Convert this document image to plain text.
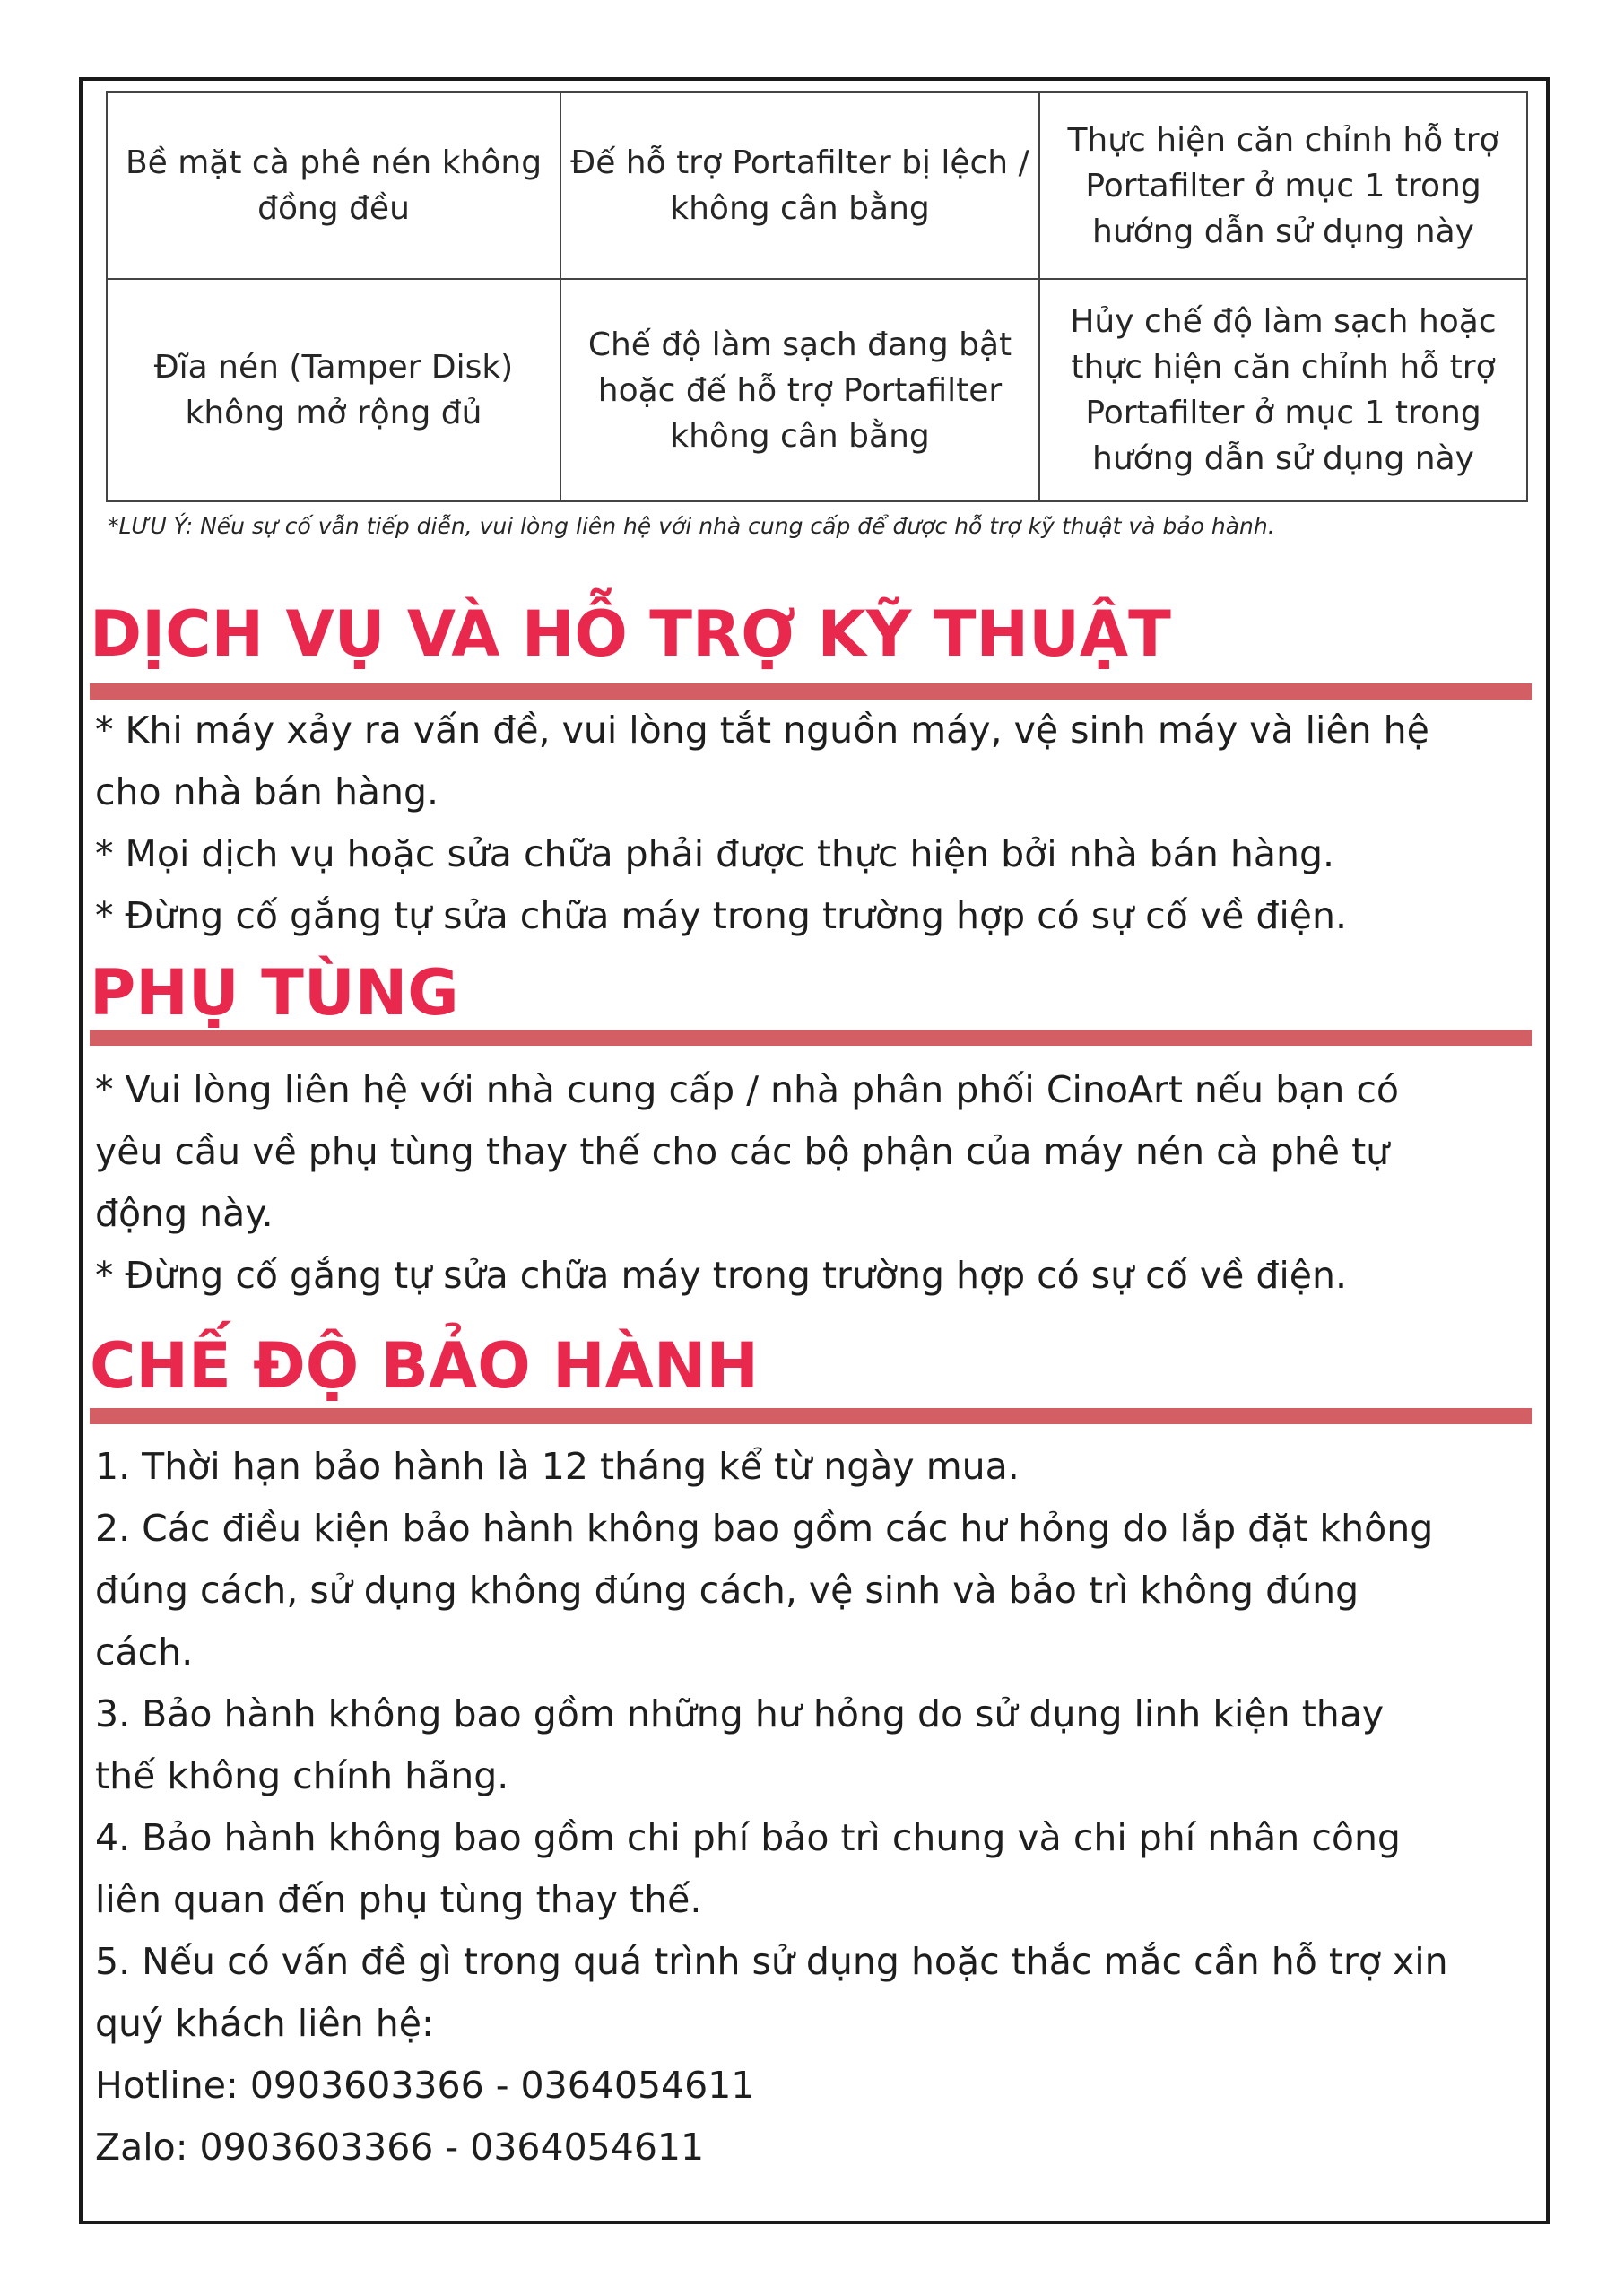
Bề mặt cà phê nén không đồng đều	Đế hỗ trợ Portafilter bị lệch / không cân bằng	Thực hiện căn chỉnh hỗ trợ Portafilter ở mục 1 trong hướng dẫn sử dụng này
Đĩa nén (Tamper Disk) không mở rộng đủ	Chế độ làm sạch đang bật hoặc đế hỗ trợ Portafilter không cân bằng	Hủy chế độ làm sạch hoặc thực hiện căn chỉnh hỗ trợ Portafilter ở mục 1 trong hướng dẫn sử dụng này
*LƯU Ý: Nếu sự cố vẫn tiếp diễn, vui lòng liên hệ với nhà cung cấp để được hỗ trợ kỹ thuật và bảo hành.
DỊCH VỤ VÀ HỖ TRỢ KỸ THUẬT
* Khi máy xảy ra vấn đề, vui lòng tắt nguồn máy, vệ sinh máy và liên hệ
cho nhà bán hàng.
* Mọi dịch vụ hoặc sửa chữa phải được thực hiện bởi nhà bán hàng.
* Đừng cố gắng tự sửa chữa máy trong trường hợp có sự cố về điện.
PHỤ TÙNG
* Vui lòng liên hệ với nhà cung cấp / nhà phân phối CinoArt nếu bạn có
yêu cầu về phụ tùng thay thế cho các bộ phận của máy nén cà phê tự
động này.
* Đừng cố gắng tự sửa chữa máy trong trường hợp có sự cố về điện.
CHẾ ĐỘ BẢO HÀNH
1. Thời hạn bảo hành là 12 tháng kể từ ngày mua.
2. Các điều kiện bảo hành không bao gồm các hư hỏng do lắp đặt không
đúng cách, sử dụng không đúng cách, vệ sinh và bảo trì không đúng
cách.
3. Bảo hành không bao gồm những hư hỏng do sử dụng linh kiện thay
thế không chính hãng.
4. Bảo hành không bao gồm chi phí bảo trì chung và chi phí nhân công
liên quan đến phụ tùng thay thế.
5. Nếu có vấn đề gì trong quá trình sử dụng hoặc thắc mắc cần hỗ trợ xin
quý khách liên hệ:
Hotline: 0903603366 - 0364054611
Zalo: 0903603366 - 0364054611
